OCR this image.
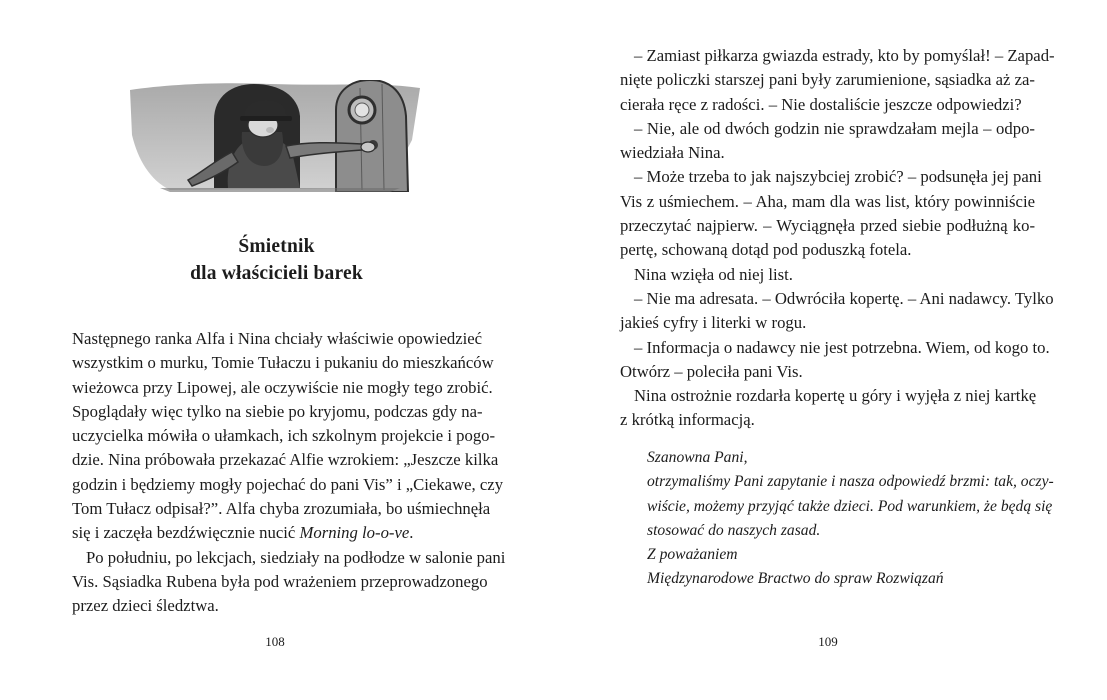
Śmietnik
dla właścicieli barek
Następnego ranka Alfa i Nina chciały właściwie opowiedzieć
wszystkim o murku, Tomie Tułaczu i pukaniu do mieszkańców
wieżowca przy Lipowej, ale oczywiście nie mogły tego zrobić.
Spoglądały więc tylko na siebie po kryjomu, podczas gdy na-
uczycielka mówiła o ułamkach, ich szkolnym projekcie i pogo-
dzie. Nina próbowała przekazać Alfie wzrokiem: „Jeszcze kilka
godzin i będziemy mogły pojechać do pani Vis” i „Ciekawe, czy
Tom Tułacz odpisał?”. Alfa chyba zrozumiała, bo uśmiechnęła
się i zaczęła bezdźwięcznie nucić Morning lo-o-ve.
Po południu, po lekcjach, siedziały na podłodze w salonie pani
Vis. Sąsiadka Rubena była pod wrażeniem przeprowadzonego
przez dzieci śledztwa.
108
– Zamiast piłkarza gwiazda estrady, kto by pomyślał! – Zapad-
nięte policzki starszej pani były zarumienione, sąsiadka aż za-
cierała ręce z radości. – Nie dostaliście jeszcze odpowiedzi?
– Nie, ale od dwóch godzin nie sprawdzałam mejla – odpo-
wiedziała Nina.
– Może trzeba to jak najszybciej zrobić? – podsunęła jej pani
Vis z uśmiechem. – Aha, mam dla was list, który powinniście
przeczytać najpierw. – Wyciągnęła przed siebie podłużną ko-
pertę, schowaną dotąd pod poduszką fotela.
Nina wzięła od niej list.
– Nie ma adresata. – Odwróciła kopertę. – Ani nadawcy. Tylko
jakieś cyfry i literki w rogu.
– Informacja o nadawcy nie jest potrzebna. Wiem, od kogo to.
Otwórz – poleciła pani Vis.
Nina ostrożnie rozdarła kopertę u góry i wyjęła z niej kartkę
z krótką informacją.
Szanowna Pani,
otrzymaliśmy Pani zapytanie i nasza odpowiedź brzmi: tak, oczy-
wiście, możemy przyjąć także dzieci. Pod warunkiem, że będą się
stosować do naszych zasad.
Z poważaniem
Międzynarodowe Bractwo do spraw Rozwiązań
109
